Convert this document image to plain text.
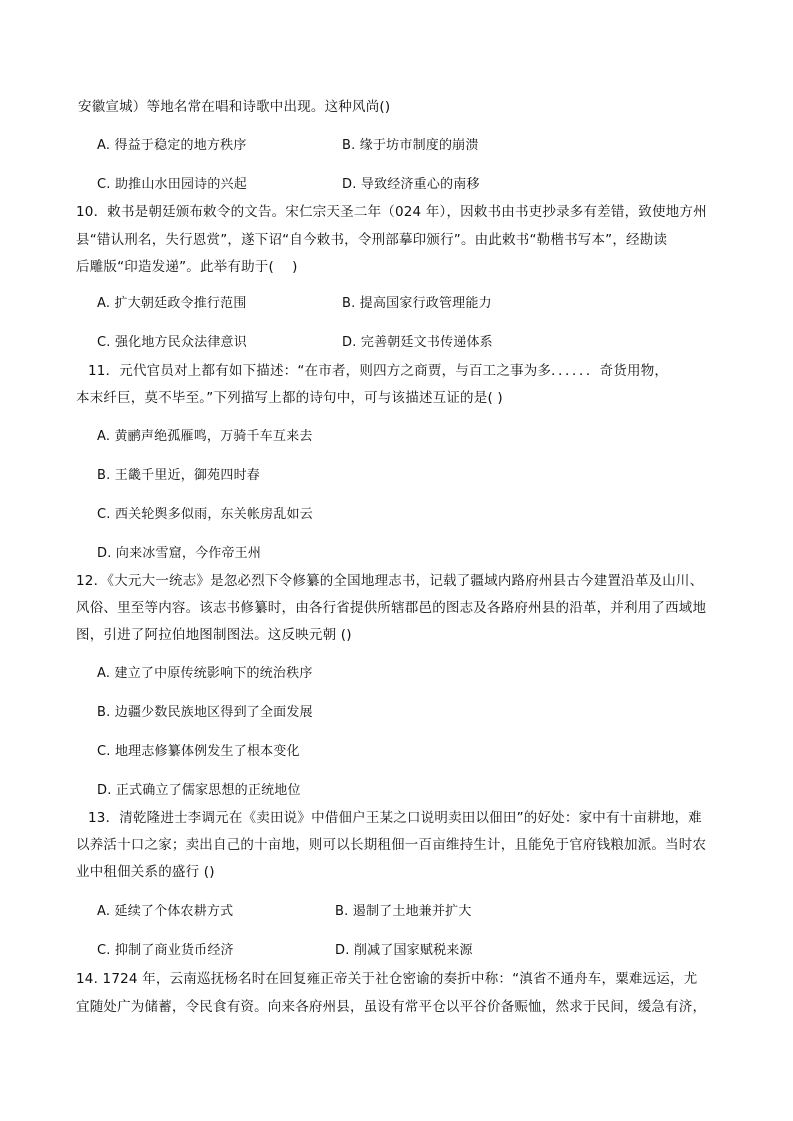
安徽宣城）等地名常在唱和诗歌中出现。这种风尚()
A. 得益于稳定的地方秩序	B. 缘于坊市制度的崩溃
C. 助推山水田园诗的兴起	D. 导致经济重心的南移
10．敕书是朝廷颁布敕令的文告。宋仁宗天圣二年（024 年），因敕书由书吏抄录多有差错，致使地方州
县“错认刑名，失行恩赏”，遂下诏“自今敕书，令刑部摹印颁行”。由此敕书“勒楷书写本”，经勘读
后雕版“印造发递”。此举有助于(　 )
A. 扩大朝廷政令推行范围	B. 提高国家行政管理能力
C. 强化地方民众法律意识	D. 完善朝廷文书传递体系
11．元代官员对上都有如下描述：“在市者，则四方之商贾，与百工之事为多．．．．．．奇货用物，
本末纤巨，莫不毕至。”下列描写上都的诗句中，可与该描述互证的是( )
A. 黄鹂声绝孤雁鸣，万骑千车互来去
B. 王畿千里近，御苑四时春
C. 西关轮舆多似雨，东关帐房乱如云
D. 向来冰雪窟，今作帝王州
12．《大元大一统志》是忽必烈下令修纂的全国地理志书，记载了疆域内路府州县古今建置沿革及山川、
风俗、里至等内容。该志书修纂时，由各行省提供所辖郡邑的图志及各路府州县的沿革，并利用了西域地
图，引进了阿拉伯地图制图法。这反映元朝 ()
A. 建立了中原传统影响下的统治秩序
B. 边疆少数民族地区得到了全面发展
C. 地理志修纂体例发生了根本变化
D. 正式确立了儒家思想的正统地位
13．清乾隆进士李调元在《卖田说》中借佃户王某之口说明卖田以佃田”的好处：家中有十亩耕地，难
以养活十口之家；卖出自己的十亩地，则可以长期租佃一百亩维持生计，且能免于官府钱粮加派。当时农
业中租佃关系的盛行 ()
A. 延续了个体农耕方式	B. 遏制了土地兼并扩大
C. 抑制了商业货币经济	D. 削减了国家赋税来源
14. 1724 年，云南巡抚杨名时在回复雍正帝关于社仓密谕的奏折中称：“滇省不通舟车，粟难远运，尤
宜随处广为储蓄，令民食有资。向来各府州县，虽设有常平仓以平谷价备赈恤，然求于民间，缓急有济，
